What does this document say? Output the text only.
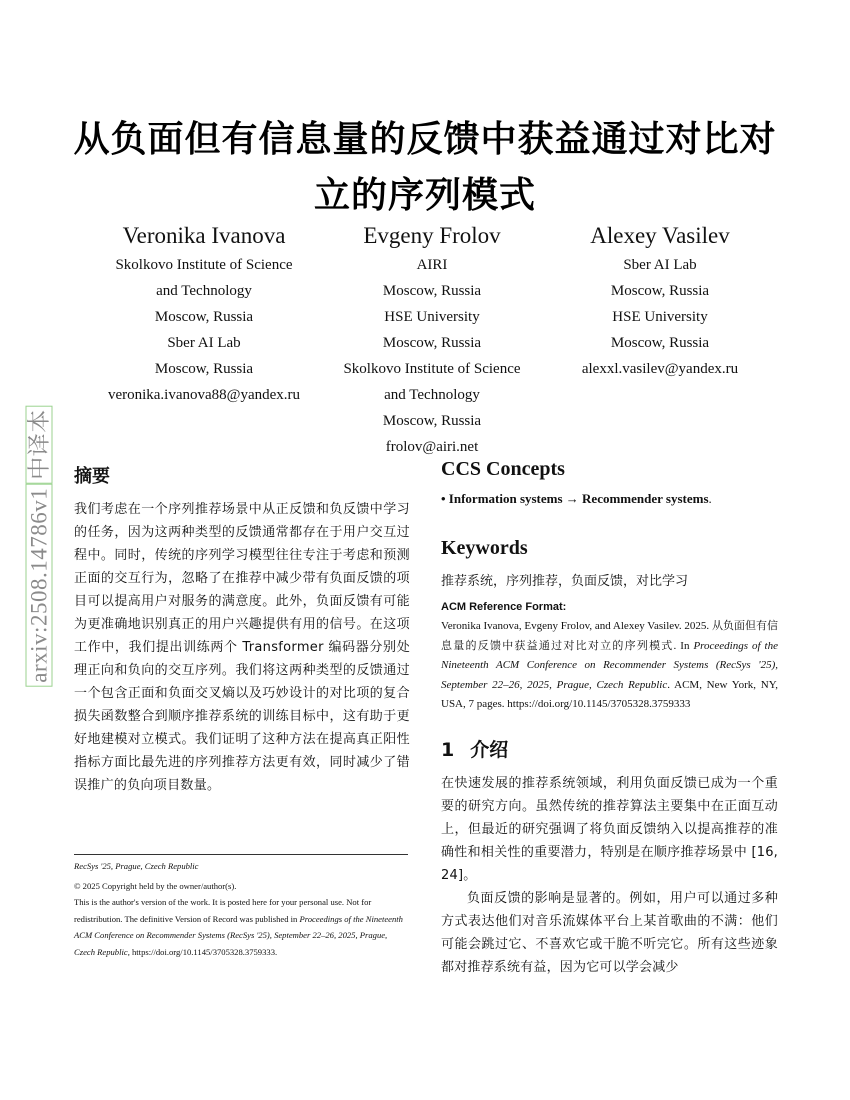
从负面但有信息量的反馈中获益通过对比对立的序列模式
Veronika Ivanova
Skolkovo Institute of Science
and Technology
Moscow, Russia
Sber AI Lab
Moscow, Russia
veronika.ivanova88@yandex.ru
Evgeny Frolov
AIRI
Moscow, Russia
HSE University
Moscow, Russia
Skolkovo Institute of Science
and Technology
Moscow, Russia
frolov@airi.net
Alexey Vasilev
Sber AI Lab
Moscow, Russia
HSE University
Moscow, Russia
alexxl.vasilev@yandex.ru
arxiv:2508.14786v1中译本 摘要

我们考虑在一个序列推荐场景中从正反馈和负反馈中学习的任务，因为这两种类型的反馈通常都存在于用户交互过程中。同时，传统的序列学习模型往往专注于考虑和预测正面的交互行为，忽略了在推荐中减少带有负面反馈的项目可以提高用户对服务的满意度。此外，负面反馈有可能为更准确地识别真正的用户兴趣提供有用的信号。在这项工作中，我们提出训练两个 Transformer 编码器分别处理正向和负向的交互序列。我们将这两种类型的反馈通过一个包含正面和负面交叉熵以及巧妙设计的对比项的复合损失函数整合到顺序推荐系统的训练目标中，这有助于更好地建模对立模式。我们证明了这种方法在提高真正阳性指标方面比最先进的序列推荐方法更有效，同时减少了错误推广的负向项目数量。

RecSys '25, Prague, Czech Republic

© 2025 Copyright held by the owner/author(s).

This is the author's version of the work. It is posted here for your personal use. Not for redistribution. The definitive Version of Record was published in Proceedings of the Nineteenth ACM Conference on Recommender Systems (RecSys '25), September 22–26, 2025, Prague, Czech Republic, https://doi.org/10.1145/3705328.3759333.

CCS Concepts

• Information systems → Recommender systems.

Keywords

推荐系统，序列推荐，负面反馈，对比学习

ACM Reference Format:

Veronika Ivanova, Evgeny Frolov, and Alexey Vasilev. 2025. 从负面但有信息量的反馈中获益通过对比对立的序列模式. In Proceedings of the Nineteenth ACM Conference on Recommender Systems (RecSys '25), September 22–26, 2025, Prague, Czech Republic. ACM, New York, NY, USA, 7 pages. https://doi.org/10.1145/3705328.3759333

1 介绍

在快速发展的推荐系统领域，利用负面反馈已成为一个重要的研究方向。虽然传统的推荐算法主要集中在正面互动上，但最近的研究强调了将负面反馈纳入以提高推荐的准确性和相关性的重要潜力，特别是在顺序推荐场景中 [16, 24]。

负面反馈的影响是显著的。例如，用户可以通过多种方式表达他们对音乐流媒体平台上某首歌曲的不满：他们可能会跳过它、不喜欢它或干脆不听完它。所有这些迹象都对推荐系统有益，因为它可以学会减少
